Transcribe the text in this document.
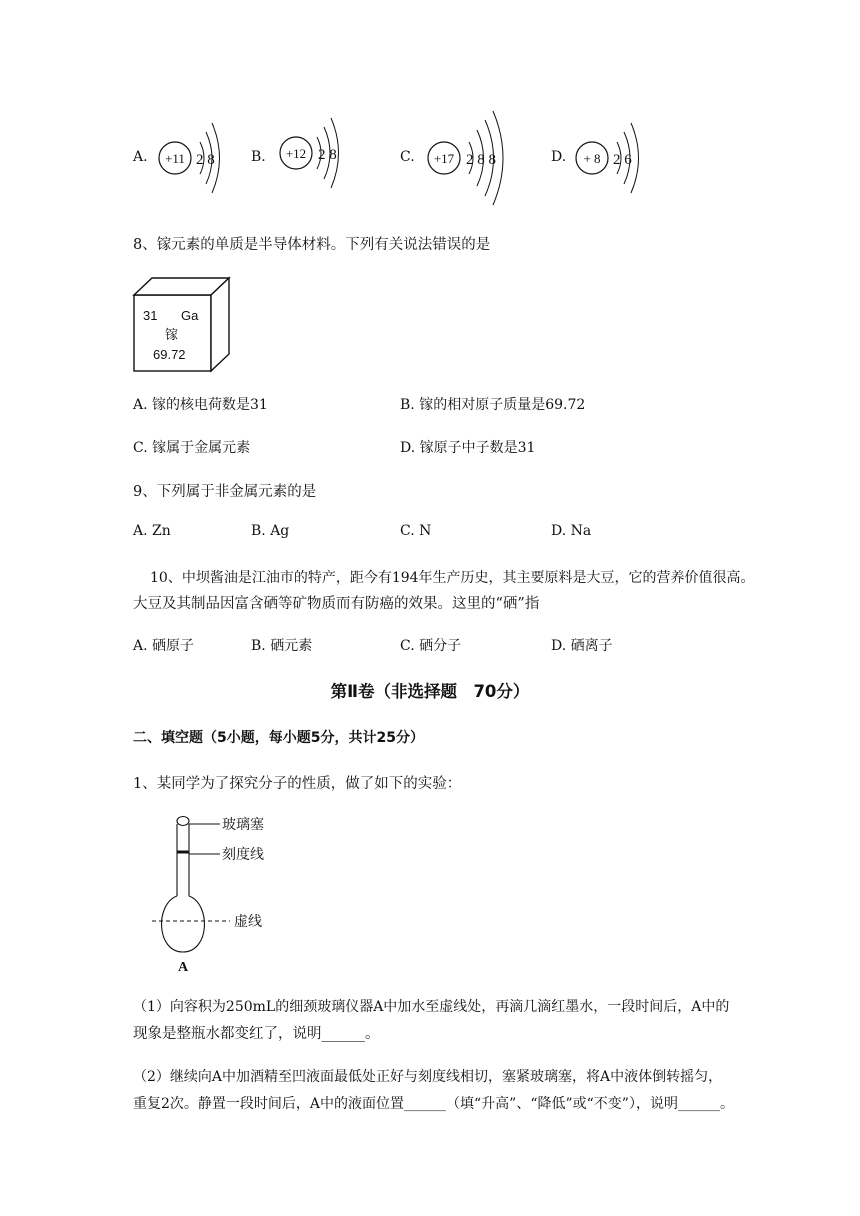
A. +11 2 8	B. +12 2 8	C. +17 2 8 8	D. + 8 2 6
8、镓元素的单质是半导体材料。下列有关说法错误的是
31 Ga
镓
69.72
A. 镓的核电荷数是31	B. 镓的相对原子质量是69.72
C. 镓属于金属元素	D. 镓原子中子数是31
9、下列属于非金属元素的是
A. Zn	B. Ag	C. N	D. Na
10、中坝酱油是江油市的特产，距今有194年生产历史，其主要原料是大豆，它的营养价值很高。
大豆及其制品因富含硒等矿物质而有防癌的效果。这里的“硒”指
A. 硒原子	B. 硒元素	C. 硒分子	D. 硒离子
第Ⅱ卷（非选择题　70分）
二、填空题（5小题，每小题5分，共计25分）
1、某同学为了探究分子的性质，做了如下的实验：
玻璃塞
刻度线
虚线
A
（1）向容积为250mL的细颈玻璃仪器A中加水至虚线处，再滴几滴红墨水，一段时间后，A中的
现象是整瓶水都变红了，说明______。
（2）继续向A中加酒精至凹液面最低处正好与刻度线相切，塞紧玻璃塞，将A中液体倒转摇匀，
重复2次。静置一段时间后，A中的液面位置______（填“升高”、“降低”或“不变”），说明______。
